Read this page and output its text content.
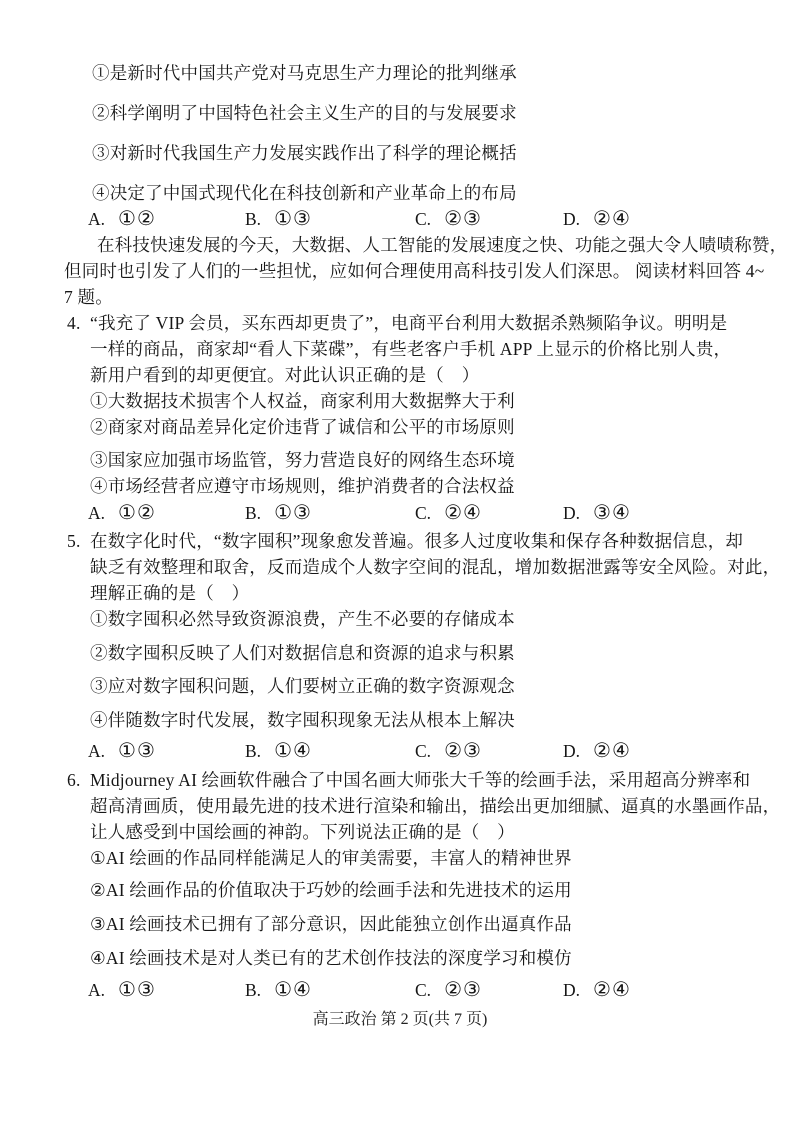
①是新时代中国共产党对马克思生产力理论的批判继承
②科学阐明了中国特色社会主义生产的目的与发展要求
③对新时代我国生产力发展实践作出了科学的理论概括
④决定了中国式现代化在科技创新和产业革命上的布局
A. ①②	B. ①③	C. ②③	D. ②④
在科技快速发展的今天，大数据、人工智能的发展速度之快、功能之强大令人啧啧称赞，
但同时也引发了人们的一些担忧，应如何合理使用高科技引发人们深思。 阅读材料回答 4~
7 题。
4. “我充了 VIP 会员，买东西却更贵了”，电商平台利用大数据杀熟频陷争议。明明是
一样的商品，商家却“看人下菜碟”，有些老客户手机 APP 上显示的价格比别人贵，
新用户看到的却更便宜。对此认识正确的是（　）
①大数据技术损害个人权益，商家利用大数据弊大于利
②商家对商品差异化定价违背了诚信和公平的市场原则
③国家应加强市场监管，努力营造良好的网络生态环境
④市场经营者应遵守市场规则，维护消费者的合法权益
A. ①②	B. ①③	C. ②④	D. ③④
5. 在数字化时代，“数字囤积”现象愈发普遍。很多人过度收集和保存各种数据信息，却
缺乏有效整理和取舍，反而造成个人数字空间的混乱，增加数据泄露等安全风险。对此，
理解正确的是（　）
①数字囤积必然导致资源浪费，产生不必要的存储成本
②数字囤积反映了人们对数据信息和资源的追求与积累
③应对数字囤积问题，人们要树立正确的数字资源观念
④伴随数字时代发展，数字囤积现象无法从根本上解决
A. ①③	B. ①④	C. ②③	D. ②④
6. Midjourney AI 绘画软件融合了中国名画大师张大千等的绘画手法，采用超高分辨率和
超高清画质，使用最先进的技术进行渲染和输出，描绘出更加细腻、逼真的水墨画作品，
让人感受到中国绘画的神韵。下列说法正确的是（　）
①AI 绘画的作品同样能满足人的审美需要，丰富人的精神世界
②AI 绘画作品的价值取决于巧妙的绘画手法和先进技术的运用
③AI 绘画技术已拥有了部分意识，因此能独立创作出逼真作品
④AI 绘画技术是对人类已有的艺术创作技法的深度学习和模仿
A. ①③	B. ①④	C. ②③	D. ②④
高三政治 第 2 页(共 7 页)
